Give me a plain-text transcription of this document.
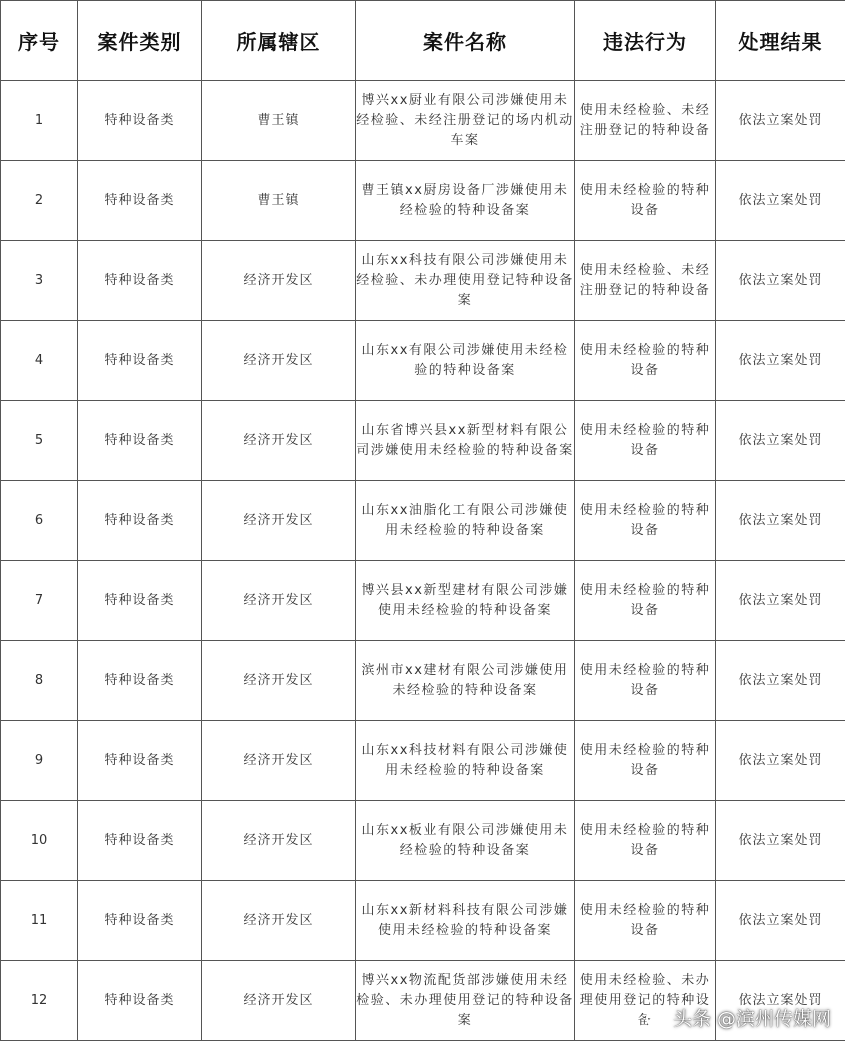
序号	案件类别	所属辖区	案件名称	违法行为	处理结果
1	特种设备类	曹王镇	博兴xx厨业有限公司涉嫌使用未经检验、未经注册登记的场内机动车案	使用未经检验、未经注册登记的特种设备	依法立案处罚
2	特种设备类	曹王镇	曹王镇xx厨房设备厂涉嫌使用未经检验的特种设备案	使用未经检验的特种设备	依法立案处罚
3	特种设备类	经济开发区	山东xx科技有限公司涉嫌使用未经检验、未办理使用登记特种设备案	使用未经检验、未经注册登记的特种设备	依法立案处罚
4	特种设备类	经济开发区	山东xx有限公司涉嫌使用未经检验的特种设备案	使用未经检验的特种设备	依法立案处罚
5	特种设备类	经济开发区	山东省博兴县xx新型材料有限公司涉嫌使用未经检验的特种设备案	使用未经检验的特种设备	依法立案处罚
6	特种设备类	经济开发区	山东xx油脂化工有限公司涉嫌使用未经检验的特种设备案	使用未经检验的特种设备	依法立案处罚
7	特种设备类	经济开发区	博兴县xx新型建材有限公司涉嫌使用未经检验的特种设备案	使用未经检验的特种设备	依法立案处罚
8	特种设备类	经济开发区	滨州市xx建材有限公司涉嫌使用未经检验的特种设备案	使用未经检验的特种设备	依法立案处罚
9	特种设备类	经济开发区	山东xx科技材料有限公司涉嫌使用未经检验的特种设备案	使用未经检验的特种设备	依法立案处罚
10	特种设备类	经济开发区	山东xx板业有限公司涉嫌使用未经检验的特种设备案	使用未经检验的特种设备	依法立案处罚
11	特种设备类	经济开发区	山东xx新材料科技有限公司涉嫌使用未经检验的特种设备案	使用未经检验的特种设备	依法立案处罚
12	特种设备类	经济开发区	博兴xx物流配货部涉嫌使用未经检验、未办理使用登记的特种设备案	使用未经检验、未办理使用登记的特种设备	依法立案处罚
头条 @滨州传媒网
